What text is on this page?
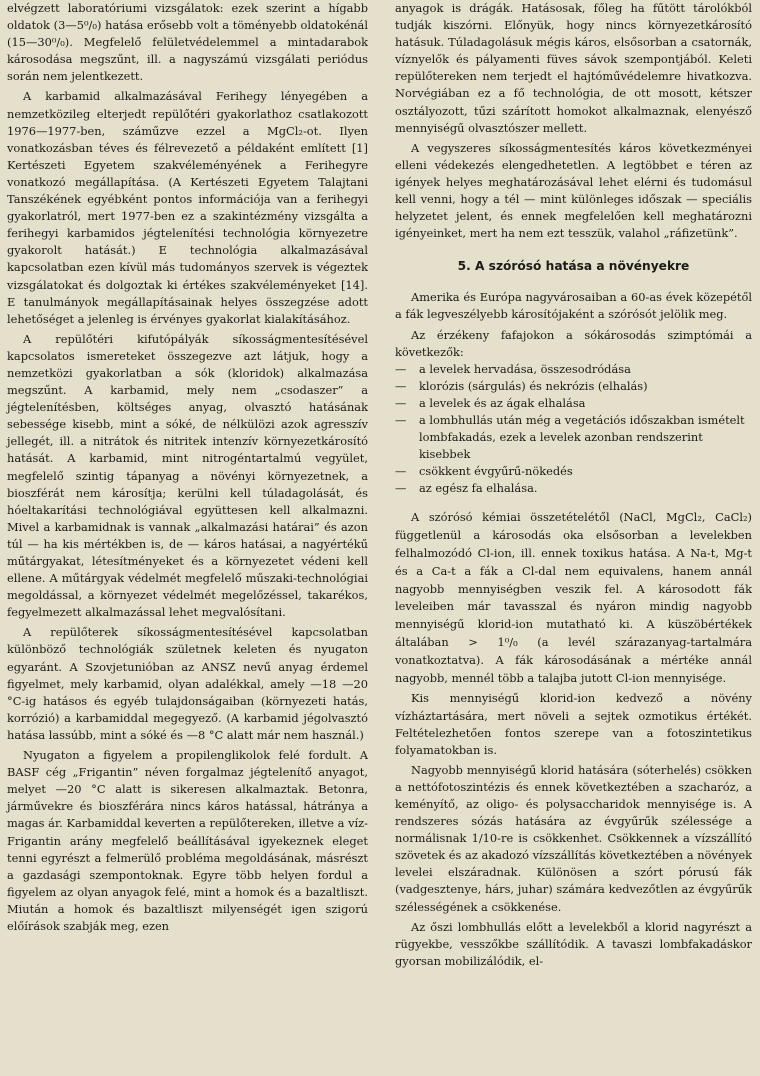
elvégzett laboratóriumi vizsgálatok: ezek szerint a hígabb oldatok (3—5⁰/₀) hatása erősebb volt a töményebb oldatokénál (15—30⁰/₀). Megfelelő felületvédelemmel a mintadarabok károsodása megszűnt, ill. a nagyszámú vizsgálati periódus során nem jelentkezett.

A karbamid alkalmazásával Ferihegy lényegében a nemzetközileg elterjedt repülőtéri gyakorlathoz csatlakozott 1976—1977-ben, száműzve ezzel a MgCl₂-ot. Ilyen vonatkozásban téves és félrevezető a példaként említett [1] Kertészeti Egyetem szakvéleményének a Ferihegyre vonatkozó megállapítása. (A Kertészeti Egyetem Talajtani Tanszékének egyébként pontos információja van a ferihegyi gyakorlatról, mert 1977-ben ez a szakintézmény vizsgálta a ferihegyi karbamidos jégtelenítési technológia környezetre gyakorolt hatását.) E technológia alkalmazásával kapcsolatban ezen kívül más tudományos szervek is végeztek vizsgálatokat és dolgoztak ki értékes szakvéleményeket [14]. E tanulmányok megállapításainak helyes összegzése adott lehetőséget a jelenleg is érvényes gyakorlat kialakításához.

A repülőtéri kifutópályák síkosságmentesítésével kapcsolatos ismereteket összegezve azt látjuk, hogy a nemzetközi gyakorlatban a sók (kloridok) alkalmazása megszűnt. A karbamid, mely nem „csodaszer” a jégtelenítésben, költséges anyag, olvasztó hatásának sebessége kisebb, mint a sóké, de nélkülözi azok agresszív jellegét, ill. a nitrátok és nitritek intenzív környezetkárosító hatását. A karbamid, mint nitrogéntartalmú vegyület, megfelelő szintig tápanyag a növényi környezetnek, a bioszférát nem károsítja; kerülni kell túladagolását, és hóeltakarítási technológiával együttesen kell alkalmazni. Mivel a karbamidnak is vannak „alkalmazási határai” és azon túl — ha kis mértékben is, de — káros hatásai, a nagyértékű műtárgyakat, létesítményeket és a környezetet védeni kell ellene. A műtárgyak védelmét megfelelő műszaki-technológiai megoldással, a környezet védelmét megelőzéssel, takarékos, fegyelmezett alkalmazással lehet megvalósítani.

A repülőterek síkosságmentesítésével kapcsolatban különböző technológiák születnek keleten és nyugaton egyaránt. A Szovjetunióban az ANSZ nevű anyag érdemel figyelmet, mely karbamid, olyan adalékkal, amely —18 —20 °C-ig hatásos és egyéb tulajdonságaiban (környezeti hatás, korrózió) a karbamiddal megegyező. (A karbamid jégolvasztó hatása lassúbb, mint a sóké és —8 °C alatt már nem használ.)

Nyugaton a figyelem a propilenglikolok felé fordult. A BASF cég „Frigantin” néven forgalmaz jégtelenítő anyagot, melyet —20 °C alatt is sikeresen alkalmaztak. Betonra, járművekre és bioszférára nincs káros hatással, hátránya a magas ár. Karbamiddal keverten a repülőtereken, illetve a víz-Frigantin arány megfelelő beállításával igyekeznek eleget tenni egyrészt a felmerülő probléma megoldásának, másrészt a gazdasági szempontoknak. Egyre több helyen fordul a figyelem az olyan anyagok felé, mint a homok és a bazaltliszt. Miután a homok és bazaltliszt milyenségét igen szigorú előírások szabják meg, ezen

anyagok is drágák. Hatásosak, főleg ha fűtött tárolókból tudják kiszórni. Előnyük, hogy nincs környezetkárosító hatásuk. Túladagolásuk mégis káros, elsősorban a csatornák, víznyelők és pályamenti füves sávok szempontjából. Keleti repülőtereken nem terjedt el hajtóművédelemre hivatkozva. Norvégiában ez a fő technológia, de ott mosott, kétszer osztályozott, tűzi szárított homokot alkalmaznak, elenyésző mennyiségű olvasztószer mellett.

A vegyszeres síkosságmentesítés káros következményei elleni védekezés elengedhetetlen. A legtöbbet e téren az igények helyes meghatározásával lehet elérni és tudomásul kell venni, hogy a tél — mint különleges időszak — speciális helyzetet jelent, és ennek megfelelően kell meghatározni igényeinket, mert ha nem ezt tesszük, valahol „ráfizetünk”.

5. A szórósó hatása a növényekre

Amerika és Európa nagyvárosaiban a 60-as évek közepétől a fák legveszélyebb károsítójaként a szórósót jelölik meg.

Az érzékeny fafajokon a sókárosodás szimptómái a következők:

— a levelek hervadása, összesodródása
— klorózis (sárgulás) és nekrózis (elhalás)
— a levelek és az ágak elhalása
— a lombhullás után még a vegetációs időszakban ismételt lombfakadás, ezek a levelek azonban rendszerint kisebbek
— csökkent évgyűrű-nökedés
— az egész fa elhalása.

A szórósó kémiai összetételétől (NaCl, MgCl₂, CaCl₂) függetlenül a károsodás oka elsősorban a levelekben felhalmozódó Cl-ion, ill. ennek toxikus hatása. A Na-t, Mg-t és a Ca-t a fák a Cl-dal nem equivalens, hanem annál nagyobb mennyiségben veszik fel. A károsodott fák leveleiben már tavasszal és nyáron mindig nagyobb mennyiségű klorid-ion mutatható ki. A küszöbértékek általában > 1⁰/₀ (a levél szárazanyag-tartalmára vonatkoztatva). A fák károsodásának a mértéke annál nagyobb, mennél több a talajba jutott Cl-ion mennyisége.

Kis mennyiségű klorid-ion kedvező a növény vízháztartására, mert növeli a sejtek ozmotikus értékét. Feltételezhetően fontos szerepe van a fotoszintetikus folyamatokban is.

Nagyobb mennyiségű klorid hatására (sóterhelés) csökken a nettófotoszintézis és ennek következtében a szacharóz, a keményítő, az oligo- és polysaccharidok mennyisége is. A rendszeres sózás hatására az évgyűrűk szélessége a normálisnak 1/10-re is csökkenhet. Csökkennek a vízszállító szövetek és az akadozó vízszállítás következtében a növények levelei elszáradnak. Különösen a szórt pórusú fák (vadgesztenye, hárs, juhar) számára kedvezőtlen az évgyűrűk szélességének a csökkenése.

Az őszi lombhullás előtt a levelekből a klorid nagyrészt a rügyekbe, vesszőkbe szállítódik. A tavaszi lombfakadáskor gyorsan mobilizálódik, el-
